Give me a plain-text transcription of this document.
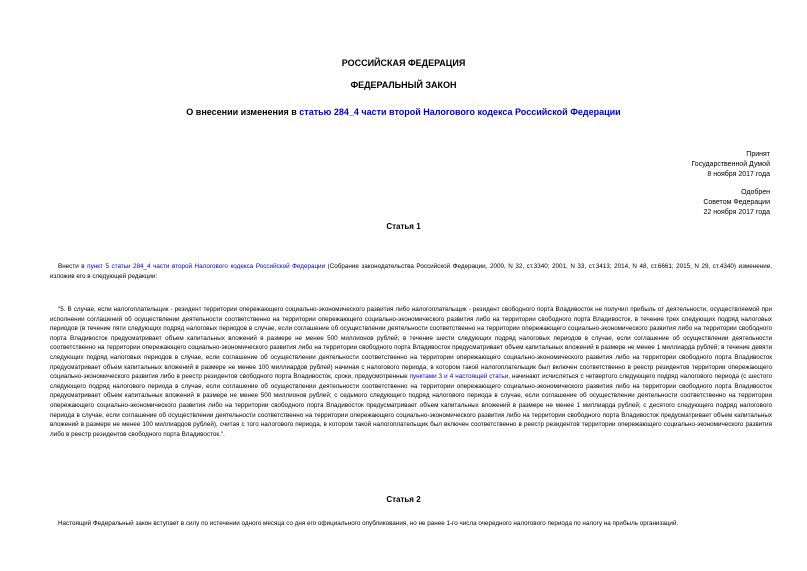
РОССИЙСКАЯ ФЕДЕРАЦИЯ
ФЕДЕРАЛЬНЫЙ ЗАКОН
О внесении изменения в статью 284_4 части второй Налогового кодекса Российской Федерации
Принят
Государственной Думой
8 ноября 2017 года
Одобрен
Советом Федерации
22 ноября 2017 года
Статья 1
Внести в пункт 5 статьи 284_4 части второй Налогового кодекса Российской Федерации (Собрание законодательства Российской Федерации, 2000, N 32, ст.3340; 2001, N 33, ст.3413; 2014, N 48, ст.6661; 2015, N 29, ст.4340) изменение, изложив его в следующей редакции:
"5. В случае, если налогоплательщик - резидент территории опережающего социально-экономического развития либо налогоплательщик - резидент свободного порта Владивосток не получил прибыль от деятельности, осуществляемой при исполнении соглашений об осуществлении деятельности соответственно на территории опережающего социально-экономического развития либо на территории свободного порта Владивосток, в течение трех следующих подряд налоговых периодов (в течение пяти следующих подряд налоговых периодов в случае, если соглашение об осуществлении деятельности соответственно на территории опережающего социально-экономического развития либо на территории свободного порта Владивосток предусматривает объем капитальных вложений в размере не менее 500 миллионов рублей; в течение шести следующих подряд налоговых периодов в случае, если соглашение об осуществлении деятельности соответственно на территории опережающего социально-экономического развития либо на территории свободного порта Владивосток предусматривает объем капитальных вложений в размере не менее 1 миллиарда рублей; в течение девяти следующих подряд налоговых периодов в случае, если соглашение об осуществлении деятельности соответственно на территории опережающего социально-экономического развития либо на территории свободного порта Владивосток предусматривает объем капитальных вложений в размере не менее 100 миллиардов рублей) начиная с налогового периода, в котором такой налогоплательщик был включен соответственно в реестр резидентов территории опережающего социально-экономического развития либо в реестр резидентов свободного порта Владивосток, сроки, предусмотренные пунктами 3 и 4 настоящей статьи, начинают исчисляться с четвертого следующего подряд налогового периода (с шестого следующего подряд налогового периода в случае, если соглашение об осуществлении деятельности соответственно на территории опережающего социально-экономического развития либо на территории свободного порта Владивосток предусматривает объем капитальных вложений в размере не менее 500 миллионов рублей; с седьмого следующего подряд налогового периода в случае, если соглашение об осуществлении деятельности соответственно на территории опережающего социально-экономического развития либо на территории свободного порта Владивосток предусматривает объем капитальных вложений в размере не менее 1 миллиарда рублей; с десятого следующего подряд налогового периода в случае, если соглашение об осуществлении деятельности соответственно на территории опережающего социально-экономического развития либо на территории свободного порта Владивосток предусматривает объем капитальных вложений в размере не менее 100 миллиардов рублей), считая с того налогового периода, в котором такой налогоплательщик был включен соответственно в реестр резидентов территории опережающего социально-экономического развития либо в реестр резидентов свободного порта Владивосток.".
Статья 2
Настоящий Федеральный закон вступает в силу по истечении одного месяца со дня его официального опубликования, но не ранее 1-го числа очередного налогового периода по налогу на прибыль организаций.
